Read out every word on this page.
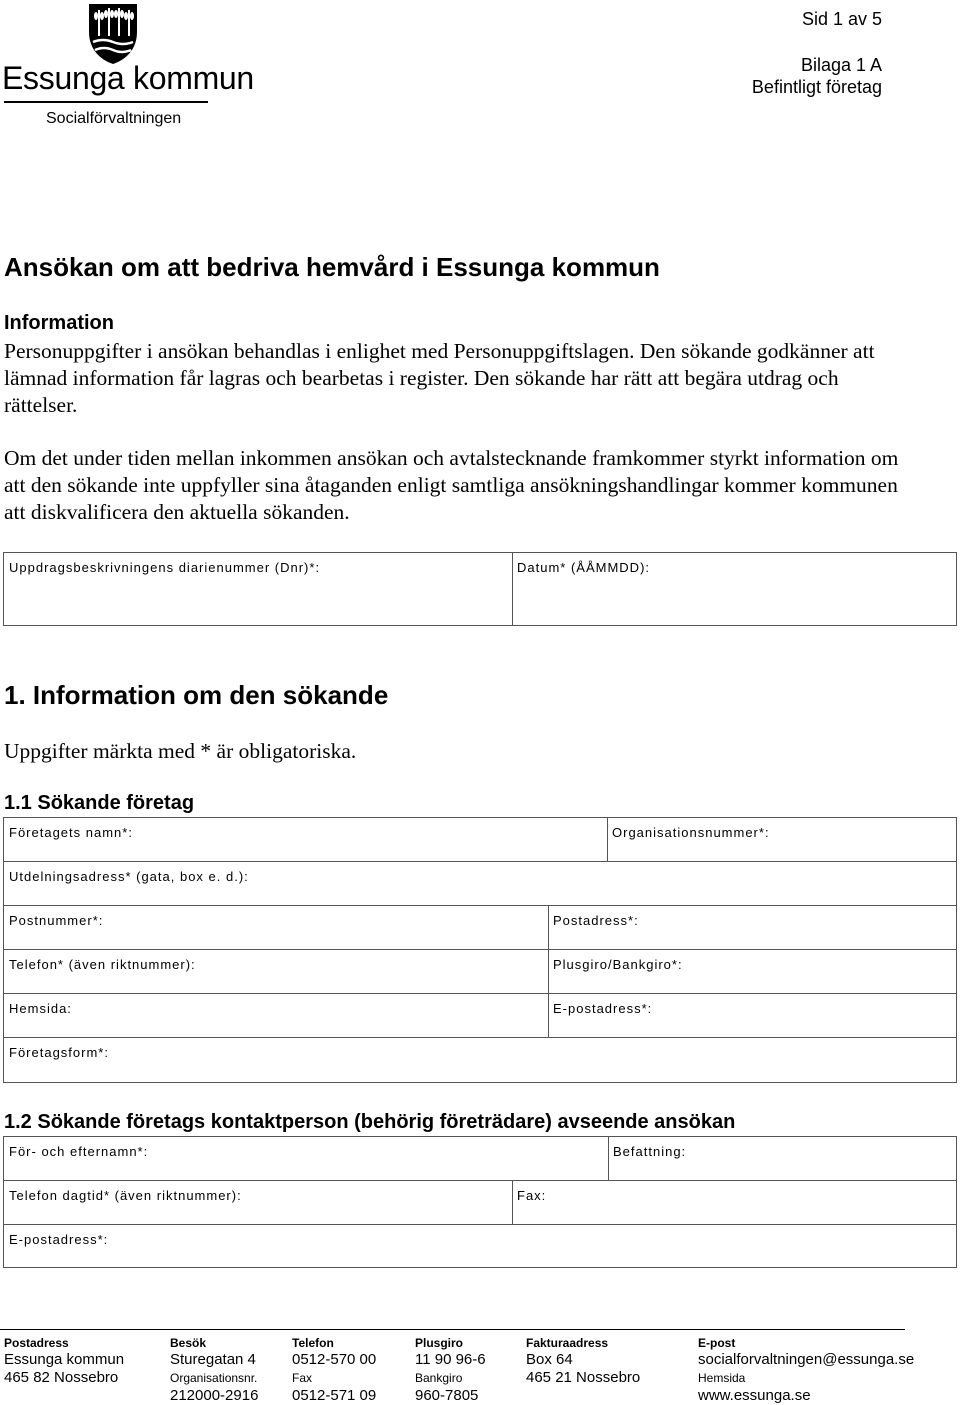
Essunga kommun
Socialförvaltningen
Sid 1 av 5
Bilaga 1 A
Befintligt företag
Ansökan om att bedriva hemvård i Essunga kommun
Information
Personuppgifter i ansökan behandlas i enlighet med Personuppgiftslagen. Den sökande godkänner att lämnad information får lagras och bearbetas i register. Den sökande har rätt att begära utdrag och rättelser.
Om det under tiden mellan inkommen ansökan och avtalstecknande framkommer styrkt information om att den sökande inte uppfyller sina åtaganden enligt samtliga ansökningshandlingar kommer kommunen att diskvalificera den aktuella sökanden.
Uppdragsbeskrivningens diarienummer (Dnr)*:	Datum* (ÅÅMMDD):
1. Information om den sökande
Uppgifter märkta med * är obligatoriska.
1.1 Sökande företag
Företagets namn*:	Organisationsnummer*:
Utdelningsadress* (gata, box e. d.):
Postnummer*:	Postadress*:
Telefon* (även riktnummer):	Plusgiro/Bankgiro*:
Hemsida:	E-postadress*:
Företagsform*:
1.2 Sökande företags kontaktperson (behörig företrädare) avseende ansökan
För- och efternamn*:	Befattning:
Telefon dagtid* (även riktnummer):	Fax:
E-postadress*:
Postadress
Essunga kommun
465 82 Nossebro
Besök
Sturegatan 4
Organisationsnr.
212000-2916
Telefon
0512-570 00
Fax
0512-571 09
Plusgiro
11 90 96-6
Bankgiro
960-7805
Fakturaadress
Box 64
465 21 Nossebro
E-post
socialforvaltningen@essunga.se
Hemsida
www.essunga.se
